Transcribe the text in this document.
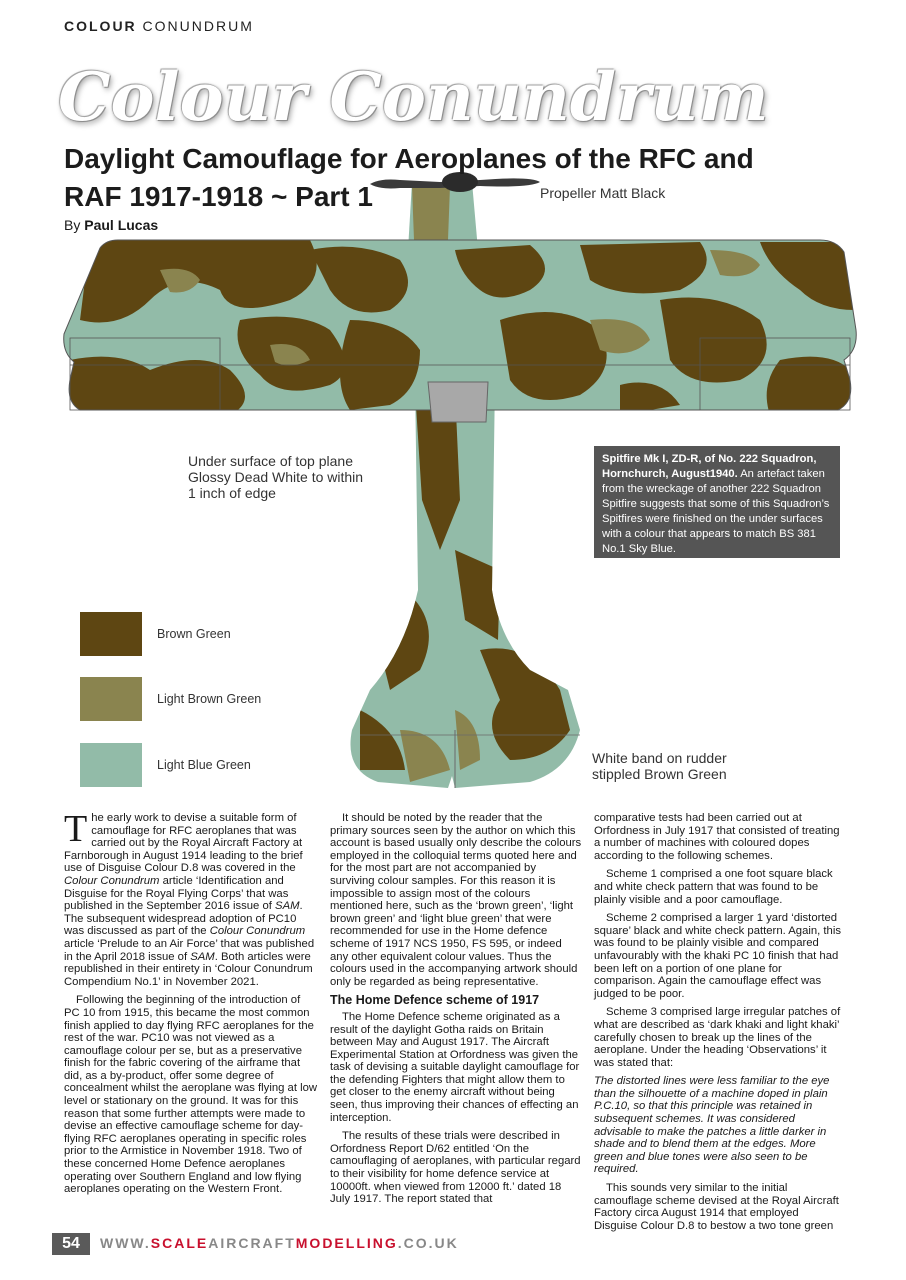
COLOUR CONUNDRUM
Colour Conundrum
Propeller Matt Black
Under surface of top plane
Glossy Dead White to within
1 inch of edge
White band on rudder
stippled Brown Green
Brown Green
Light Brown Green
Light Blue Green
Daylight Camouflage for Aeroplanes of the RFC and
RAF 1917-1918 ~ Part 1
By Paul Lucas
Spitfire Mk I, ZD-R, of No. 222 Squadron, Hornchurch, August1940. An artefact taken from the wreckage of another 222 Squadron Spitfire suggests that some of this Squadron’s Spitfires were finished on the under surfaces with a colour that appears to match BS 381 No.1 Sky Blue.

The early work to devise a suitable form of camouflage for RFC aeroplanes that was carried out by the Royal Aircraft Factory at Farnborough in August 1914 leading to the brief use of Disguise Colour D.8 was covered in the Colour Conundrum article ‘Identification and Disguise for the Royal Flying Corps’ that was published in the September 2016 issue of SAM. The subsequent widespread adoption of PC10 was discussed as part of the Colour Conundrum article ‘Prelude to an Air Force’ that was published in the April 2018 issue of SAM. Both articles were republished in their entirety in ‘Colour Conundrum Compendium No.1’ in November 2021.

Following the beginning of the introduction of PC 10 from 1915, this became the most common finish applied to day flying RFC aeroplanes for the rest of the war. PC10 was not viewed as a camouflage colour per se, but as a preservative finish for the fabric covering of the airframe that did, as a by-product, offer some degree of concealment whilst the aeroplane was flying at low level or stationary on the ground. It was for this reason that some further attempts were made to devise an effective camouflage scheme for day-flying RFC aeroplanes operating in specific roles prior to the Armistice in November 1918. Two of these concerned Home Defence aeroplanes operating over Southern England and low flying aeroplanes operating on the Western Front.

It should be noted by the reader that the primary sources seen by the author on which this account is based usually only describe the colours employed in the colloquial terms quoted here and for the most part are not accompanied by surviving colour samples. For this reason it is impossible to assign most of the colours mentioned here, such as the ‘brown green’, ‘light brown green’ and ‘light blue green’ that were recommended for use in the Home defence scheme of 1917 NCS 1950, FS 595, or indeed any other equivalent colour values. Thus the colours used in the accompanying artwork should only be regarded as being representative.

The Home Defence scheme of 1917

The Home Defence scheme originated as a result of the daylight Gotha raids on Britain between May and August 1917. The Aircraft Experimental Station at Orfordness was given the task of devising a suitable daylight camouflage for the defending Fighters that might allow them to get closer to the enemy aircraft without being seen, thus improving their chances of effecting an interception.

The results of these trials were described in Orfordness Report D/62 entitled ‘On the camouflaging of aeroplanes, with particular regard to their visibility for home defence service at 10000ft. when viewed from 12000 ft.’ dated 18 July 1917. The report stated that

comparative tests had been carried out at Orfordness in July 1917 that consisted of treating a number of machines with coloured dopes according to the following schemes.

Scheme 1 comprised a one foot square black and white check pattern that was found to be plainly visible and a poor camouflage.

Scheme 2 comprised a larger 1 yard ‘distorted square’ black and white check pattern. Again, this was found to be plainly visible and compared unfavourably with the khaki PC 10 finish that had been left on a portion of one plane for comparison. Again the camouflage effect was judged to be poor.

Scheme 3 comprised large irregular patches of what are described as ‘dark khaki and light khaki’ carefully chosen to break up the lines of the aeroplane. Under the heading ‘Observations’ it was stated that:

The distorted lines were less familiar to the eye than the silhouette of a machine doped in plain P.C.10, so that this principle was retained in subsequent schemes. It was considered advisable to make the patches a little darker in shade and to blend them at the edges. More green and blue tones were also seen to be required.

This sounds very similar to the initial camouflage scheme devised at the Royal Aircraft Factory circa August 1914 that employed Disguise Colour D.8 to bestow a two tone green

54	WWW.SCALEAIRCRAFTMODELLING.CO.UK
